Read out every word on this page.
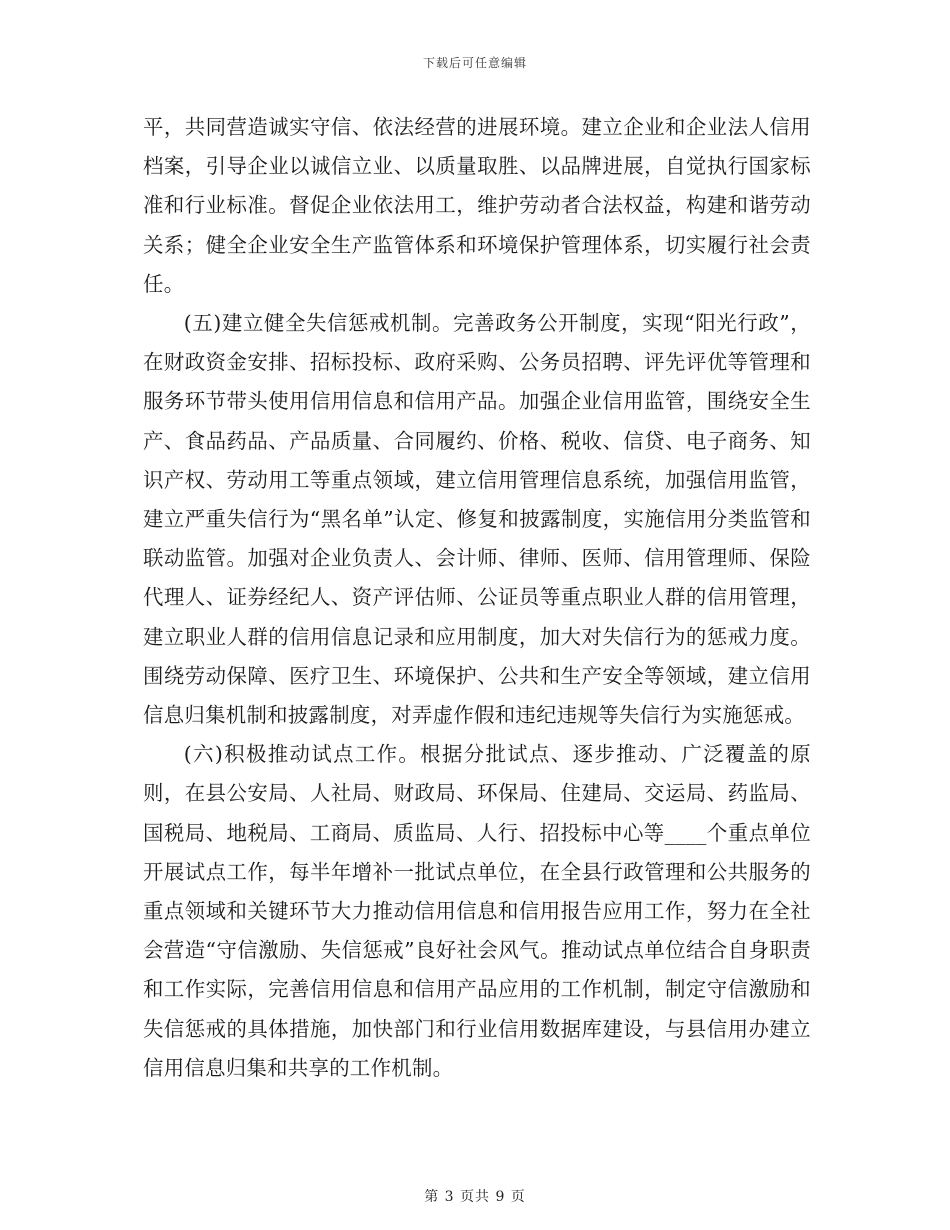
下载后可任意编辑

平，共同营造诚实守信、依法经营的进展环境。建立企业和企业法人信用档案，引导企业以诚信立业、以质量取胜、以品牌进展，自觉执行国家标准和行业标准。督促企业依法用工，维护劳动者合法权益，构建和谐劳动关系；健全企业安全生产监管体系和环境保护管理体系，切实履行社会责任。

(五)建立健全失信惩戒机制。完善政务公开制度，实现“阳光行政”，在财政资金安排、招标投标、政府采购、公务员招聘、评先评优等管理和服务环节带头使用信用信息和信用产品。加强企业信用监管，围绕安全生产、食品药品、产品质量、合同履约、价格、税收、信贷、电子商务、知识产权、劳动用工等重点领域，建立信用管理信息系统，加强信用监管，建立严重失信行为“黑名单”认定、修复和披露制度，实施信用分类监管和联动监管。加强对企业负责人、会计师、律师、医师、信用管理师、保险代理人、证券经纪人、资产评估师、公证员等重点职业人群的信用管理，建立职业人群的信用信息记录和应用制度，加大对失信行为的惩戒力度。围绕劳动保障、医疗卫生、环境保护、公共和生产安全等领域，建立信用信息归集机制和披露制度，对弄虚作假和违纪违规等失信行为实施惩戒。

(六)积极推动试点工作。根据分批试点、逐步推动、广泛覆盖的原则，在县公安局、人社局、财政局、环保局、住建局、交运局、药监局、国税局、地税局、工商局、质监局、人行、招投标中心等____个重点单位开展试点工作，每半年增补一批试点单位，在全县行政管理和公共服务的重点领域和关键环节大力推动信用信息和信用报告应用工作，努力在全社会营造“守信激励、失信惩戒”良好社会风气。推动试点单位结合自身职责和工作实际，完善信用信息和信用产品应用的工作机制，制定守信激励和失信惩戒的具体措施，加快部门和行业信用数据库建设，与县信用办建立信用信息归集和共享的工作机制。

第 3 页共 9 页
